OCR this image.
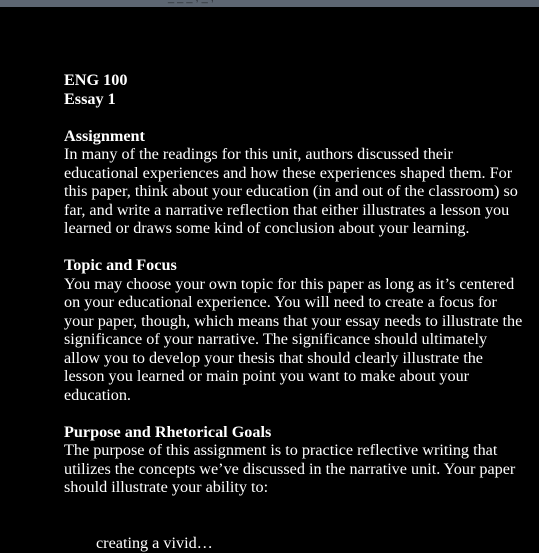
ENG 100

Essay 1

Assignment

In many of the readings for this unit, authors discussed their educational experiences and how these experiences shaped them. For this paper, think about your education (in and out of the classroom) so far, and write a narrative reflection that either illustrates a lesson you learned or draws some kind of conclusion about your learning.

Topic and Focus

You may choose your own topic for this paper as long as it’s centered on your educational experience. You will need to create a focus for your paper, though, which means that your essay needs to illustrate the significance of your narrative. The significance should ultimately allow you to develop your thesis that should clearly illustrate the lesson you learned or main point you want to make about your education.

Purpose and Rhetorical Goals

The purpose of this assignment is to practice reflective writing that utilizes the concepts we’ve discussed in the narrative unit. Your paper should illustrate your ability to:

creating a vivid…
